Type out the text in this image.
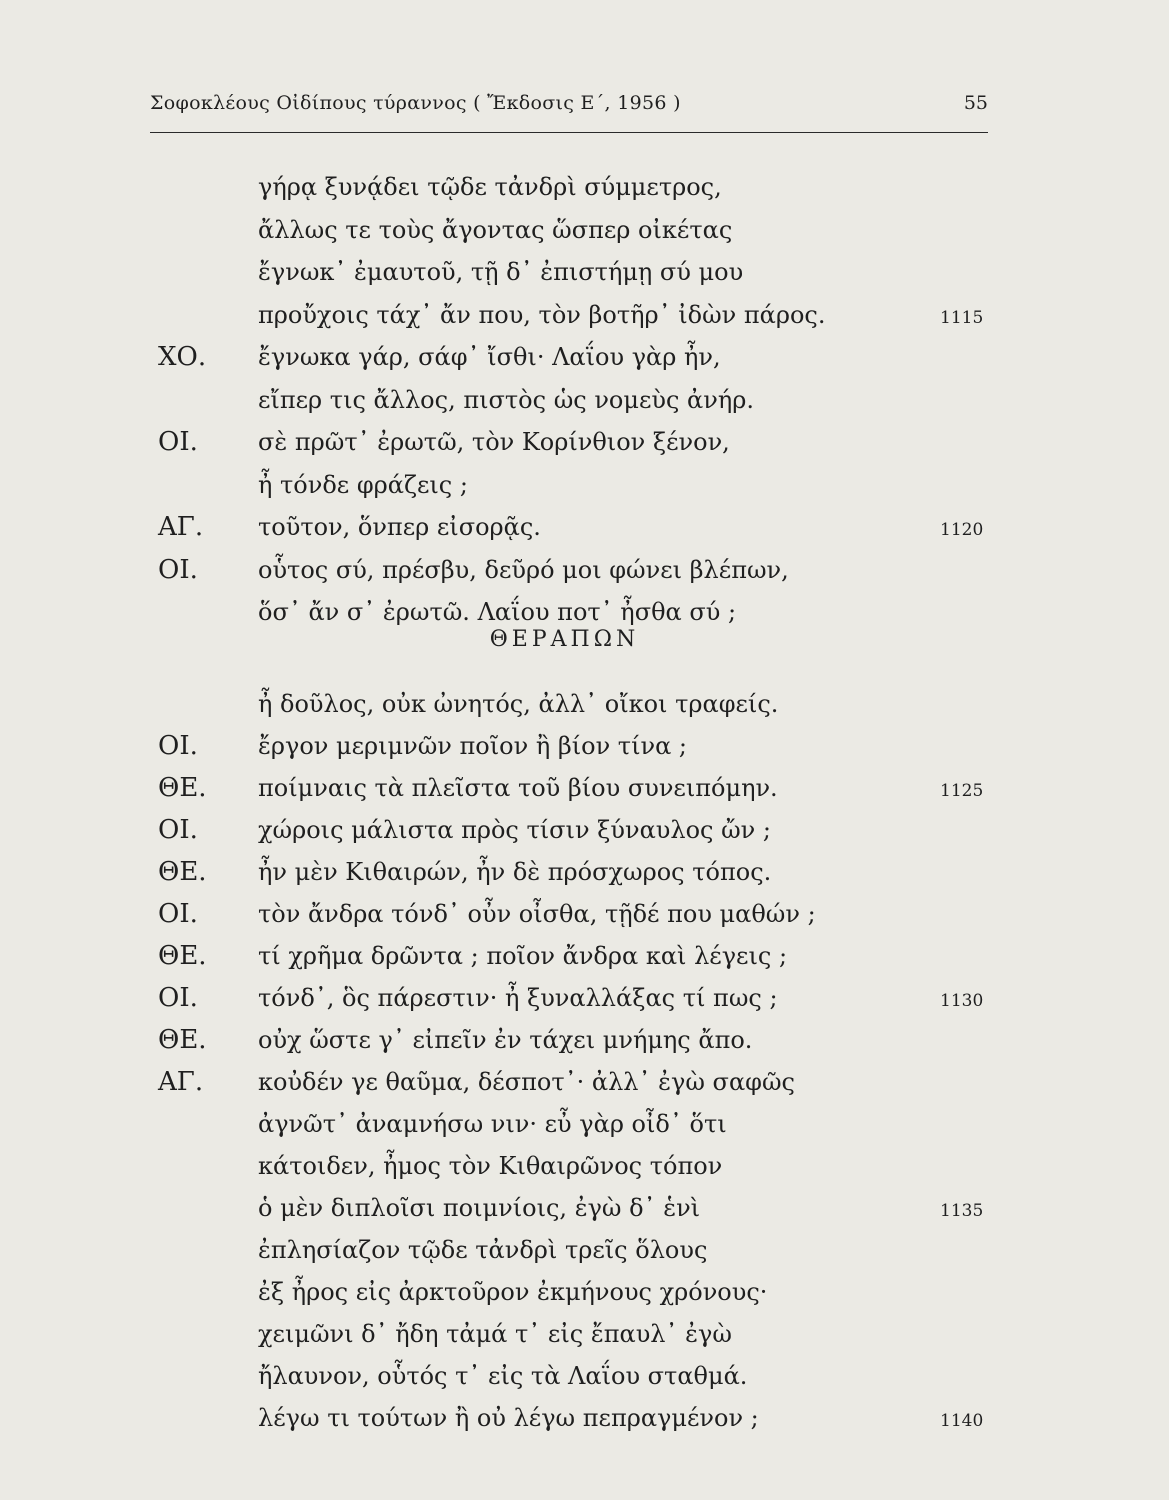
Σοφοκλέους Οἰδίπους τύραννος ( Ἔκδοσις Ε΄, 1956 )	55
γήρᾳ ξυνᾴδει τῷδε τἀνδρὶ σύμμετρος,
ἄλλως τε τοὺς ἄγοντας ὥσπερ οἰκέτας
ἔγνωκ᾽ ἐμαυτοῦ, τῇ δ᾽ ἐπιστήμῃ σύ μου
προὔχοις τάχ᾽ ἄν που, τὸν βοτῆρ᾽ ἰδὼν πάρος.	1115
ΧΟ. ἔγνωκα γάρ, σάφ᾽ ἴσθι· Λαΐου γὰρ ἦν,
εἴπερ τις ἄλλος, πιστὸς ὡς νομεὺς ἀνήρ.
ΟΙ.	σὲ πρῶτ᾽ ἐρωτῶ, τὸν Κορίνθιον ξένον,
ἦ τόνδε φράζεις ;
ΑΓ. τοῦτον, ὅνπερ εἰσορᾷς.	1120
ΟΙ.	οὗτος σύ, πρέσβυ, δεῦρό μοι φώνει βλέπων,
ὅσ᾽ ἄν σ᾽ ἐρωτῶ. Λαΐου ποτ᾽ ἦσθα σύ ;
ΘΕΡΑΠΩΝ
ἦ δοῦλος, οὐκ ὠνητός, ἀλλ᾽ οἴκοι τραφείς.
ΟΙ.	ἔργον μεριμνῶν ποῖον ἢ βίον τίνα ;
ΘΕ. ποίμναις τὰ πλεῖστα τοῦ βίου συνειπόμην.	1125
ΟΙ.	χώροις μάλιστα πρὸς τίσιν ξύναυλος ὤν ;
ΘΕ. ἦν μὲν Κιθαιρών, ἦν δὲ πρόσχωρος τόπος.
ΟΙ.	τὸν ἄνδρα τόνδ᾽ οὖν οἶσθα, τῇδέ που μαθών ;
ΘΕ. τί χρῆμα δρῶντα ; ποῖον ἄνδρα καὶ λέγεις ;
ΟΙ.	τόνδ᾽, ὃς πάρεστιν· ἦ ξυναλλάξας τί πως ;	1130
ΘΕ. οὐχ ὥστε γ᾽ εἰπεῖν ἐν τάχει μνήμης ἄπο.
ΑΓ. κοὐδέν γε θαῦμα, δέσποτ᾽· ἀλλ᾽ ἐγὼ σαφῶς
ἀγνῶτ᾽ ἀναμνήσω νιν· εὖ γὰρ οἶδ᾽ ὅτι
κάτοιδεν, ἦμος τὸν Κιθαιρῶνος τόπον
ὁ μὲν διπλοῖσι ποιμνίοις, ἐγὼ δ᾽ ἑνὶ	1135
ἐπλησίαζον τῷδε τἀνδρὶ τρεῖς ὅλους
ἐξ ἦρος εἰς ἀρκτοῦρον ἐκμήνους χρόνους·
χειμῶνι δ᾽ ἤδη τἀμά τ᾽ εἰς ἔπαυλ᾽ ἐγὼ
ἤλαυνον, οὗτός τ᾽ εἰς τὰ Λαΐου σταθμά.
λέγω τι τούτων ἢ οὐ λέγω πεπραγμένον ;	1140
